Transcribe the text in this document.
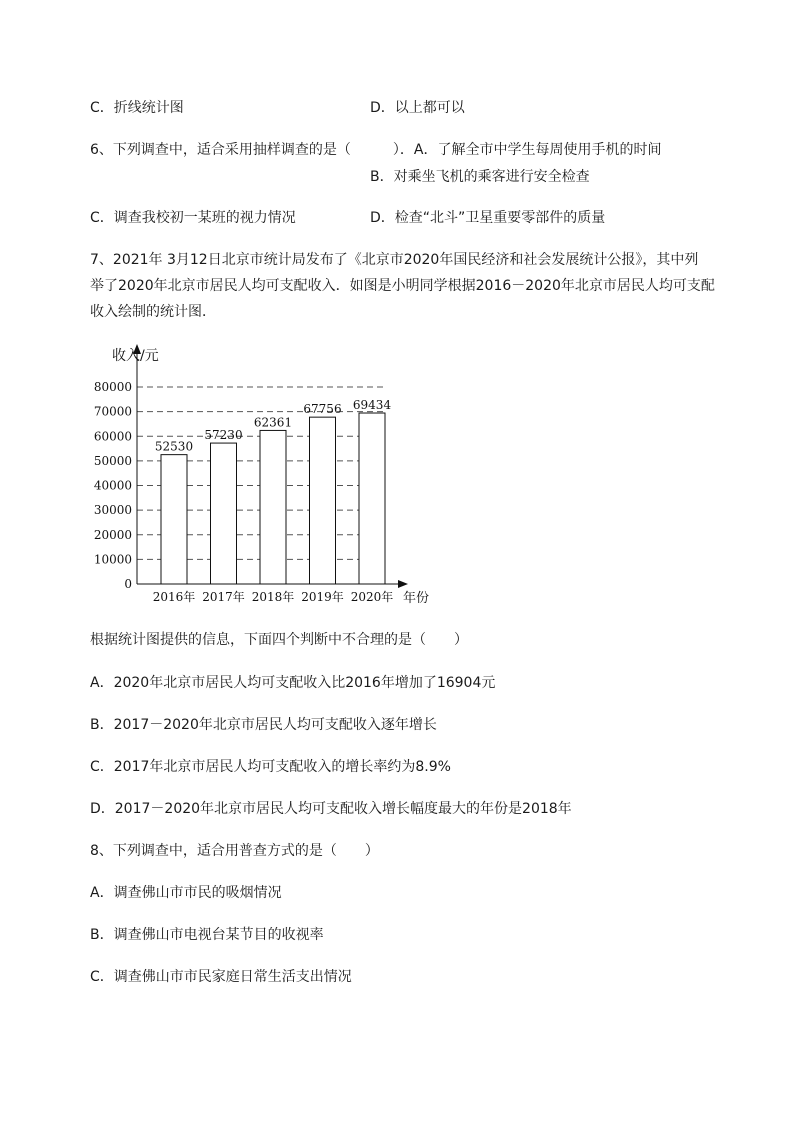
C．折线统计图	D．以上都可以
6、下列调查中，适合采用抽样调查的是（　　　）．A．了解全市中学生每周使用手机的时间
B．对乘坐飞机的乘客进行安全检查
C．调查我校初一某班的视力情况	D．检查“北斗”卫星重要零部件的质量
7、2021年 3月12日北京市统计局发布了《北京市2020年国民经济和社会发展统计公报》，其中列
举了2020年北京市居民人均可支配收入．如图是小明同学根据2016－2020年北京市居民人均可支配
收入绘制的统计图．
0
10000
20000
30000
40000
50000
60000
70000
80000
52530
57230
62361
67756 69434
2016年 2017年 2018年 2019年 2020年
收入/元
年份
根据统计图提供的信息，下面四个判断中不合理的是（　　）
A．2020年北京市居民人均可支配收入比2016年增加了16904元
B．2017－2020年北京市居民人均可支配收入逐年增长
C．2017年北京市居民人均可支配收入的增长率约为8.9%
D．2017－2020年北京市居民人均可支配收入增长幅度最大的年份是2018年
8、下列调查中，适合用普查方式的是（　　）
A．调查佛山市市民的吸烟情况
B．调查佛山市电视台某节目的收视率
C．调查佛山市市民家庭日常生活支出情况
